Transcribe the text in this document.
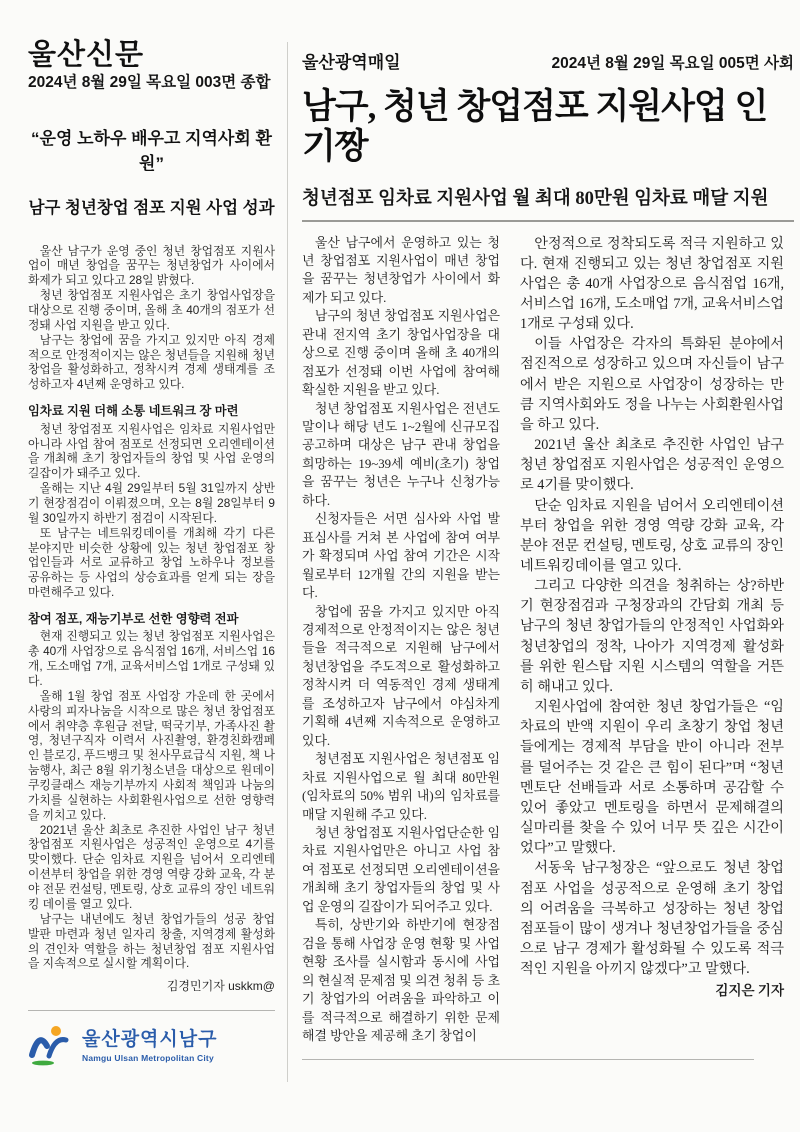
울산신문
2024년 8월 29일 목요일 003면 종합
“운영 노하우 배우고 지역사회 환원”
남구 청년창업 점포 지원 사업 성과

울산 남구가 운영 중인 청년 창업점포 지원사업이 매년 창업을 꿈꾸는 청년창업가 사이에서 화제가 되고 있다고 28일 밝혔다.

청년 창업점포 지원사업은 초기 창업사업장을 대상으로 진행 중이며, 올해 초 40개의 점포가 선정돼 사업 지원을 받고 있다.

남구는 창업에 꿈을 가지고 있지만 아직 경제적으로 안정적이지는 않은 청년들을 지원해 청년창업을 활성화하고, 정착시켜 경제 생태계를 조성하고자 4년째 운영하고 있다.

임차료 지원 더해 소통 네트워크 장 마련

청년 창업점포 지원사업은 임차료 지원사업만 아니라 사업 참여 점포로 선정되면 오리엔테이션을 개최해 초기 창업자들의 창업 및 사업 운영의 길잡이가 돼주고 있다.

올해는 지난 4월 29일부터 5월 31일까지 상반기 현장점검이 이뤄졌으며, 오는 8월 28일부터 9월 30일까지 하반기 점검이 시작된다.

또 남구는 네트워킹데이를 개최해 각기 다른 분야지만 비슷한 상황에 있는 청년 창업점포 창업인들과 서로 교류하고 창업 노하우나 정보를 공유하는 등 사업의 상승효과를 얻게 되는 장을 마련해주고 있다.

참여 점포, 재능기부로 선한 영향력 전파

현재 진행되고 있는 청년 창업점포 지원사업은 총 40개 사업장으로 음식점업 16개, 서비스업 16개, 도소매업 7개, 교육서비스업 1개로 구성돼 있다.

올해 1월 창업 점포 사업장 가운데 한 곳에서 사랑의 피자나눔을 시작으로 많은 청년 창업점포에서 취약층 후원금 전달, 떡국기부, 가족사진 촬영, 청년구직자 이력서 사진촬영, 환경친화캠페인 블로깅, 푸드뱅크 및 천사무료급식 지원, 책 나눔행사, 최근 8월 위기청소년을 대상으로 원데이 쿠킹클래스 재능기부까지 사회적 책임과 나눔의 가치를 실현하는 사회환원사업으로 선한 영향력을 끼치고 있다.

2021년 울산 최초로 추진한 사업인 남구 청년 창업점포 지원사업은 성공적인 운영으로 4기를 맞이했다. 단순 임차료 지원을 넘어서 오리엔테이션부터 창업을 위한 경영 역량 강화 교육, 각 분야 전문 컨설팅, 멘토링, 상호 교류의 장인 네트워킹 데이를 열고 있다.

남구는 내년에도 청년 창업가들의 성공 창업 발판 마련과 청년 일자리 창출, 지역경제 활성화의 견인차 역할을 하는 청년창업 점포 지원사업을 지속적으로 실시할 계획이다.

김경민기자 uskkm@
울산광역시남구
Namgu Ulsan Metropolitan City
울산광역매일	2024년 8월 29일 목요일 005면 사회
남구, 청년 창업점포 지원사업 인기짱
청년점포 임차료 지원사업 월 최대 80만원 임차료 매달 지원

울산 남구에서 운영하고 있는 청년 창업점포 지원사업이 매년 창업을 꿈꾸는 청년창업가 사이에서 화제가 되고 있다.

남구의 청년 창업점포 지원사업은 관내 전지역 초기 창업사업장을 대상으로 진행 중이며 올해 초 40개의 점포가 선정돼 이번 사업에 참여해 확실한 지원을 받고 있다.

청년 창업점포 지원사업은 전년도 말이나 해당 년도 1~2월에 신규모집 공고하며 대상은 남구 관내 창업을 희망하는 19~39세 예비(초기) 창업을 꿈꾸는 청년은 누구나 신청가능하다.

신청자들은 서면 심사와 사업 발표심사를 거쳐 본 사업에 참여 여부가 확정되며 사업 참여 기간은 시작 월로부터 12개월 간의 지원을 받는다.

창업에 꿈을 가지고 있지만 아직 경제적으로 안정적이지는 않은 청년들을 적극적으로 지원해 남구에서 청년창업을 주도적으로 활성화하고 정착시켜 더 역동적인 경제 생태계를 조성하고자 남구에서 야심차게 기획해 4년째 지속적으로 운영하고 있다.

청년점포 지원사업은 청년점포 임차료 지원사업으로 월 최대 80만원(임차료의 50% 범위 내)의 임차료를 매달 지원해 주고 있다.

청년 창업점포 지원사업단순한 임차료 지원사업만은 아니고 사업 참여 점포로 선정되면 오리엔테이션을 개최해 초기 창업자들의 창업 및 사업 운영의 길잡이가 되어주고 있다.

특히, 상반기와 하반기에 현장점검을 통해 사업장 운영 현황 및 사업 현황 조사를 실시함과 동시에 사업의 현실적 문제점 및 의견 청취 등 초기 창업가의 어려움을 파악하고 이를 적극적으로 해결하기 위한 문제해결 방안을 제공해 초기 창업이

안정적으로 정착되도록 적극 지원하고 있다. 현재 진행되고 있는 청년 창업점포 지원사업은 총 40개 사업장으로 음식점업 16개, 서비스업 16개, 도소매업 7개, 교육서비스업 1개로 구성돼 있다.

이들 사업장은 각자의 특화된 분야에서 점진적으로 성장하고 있으며 자신들이 남구에서 받은 지원으로 사업장이 성장하는 만큼 지역사회와도 정을 나누는 사회환원사업을 하고 있다.

2021년 울산 최초로 추진한 사업인 남구 청년 창업점포 지원사업은 성공적인 운영으로 4기를 맞이했다.

단순 임차료 지원을 넘어서 오리엔테이션부터 창업을 위한 경영 역량 강화 교육, 각 분야 전문 컨설팅, 멘토링, 상호 교류의 장인 네트워킹데이를 열고 있다.

그리고 다양한 의견을 청취하는 상?하반기 현장점검과 구청장과의 간담회 개최 등 남구의 청년 창업가들의 안정적인 사업화와 청년창업의 정착, 나아가 지역경제 활성화를 위한 원스탑 지원 시스템의 역할을 거뜬히 해내고 있다.

지원사업에 참여한 청년 창업가들은 “임차료의 반액 지원이 우리 초창기 창업 청년들에게는 경제적 부담을 반이 아니라 전부를 덜어주는 것 같은 큰 힘이 된다”며 “청년 멘토단 선배들과 서로 소통하며 공감할 수 있어 좋았고 멘토링을 하면서 문제해결의 실마리를 찾을 수 있어 너무 뜻 깊은 시간이었다”고 말했다.

서동욱 남구청장은 “앞으로도 청년 창업점포 사업을 성공적으로 운영해 초기 창업의 어려움을 극복하고 성장하는 청년 창업점포들이 많이 생겨나 청년창업가들을 중심으로 남구 경제가 활성화될 수 있도록 적극적인 지원을 아끼지 않겠다”고 말했다.

김지은 기자
